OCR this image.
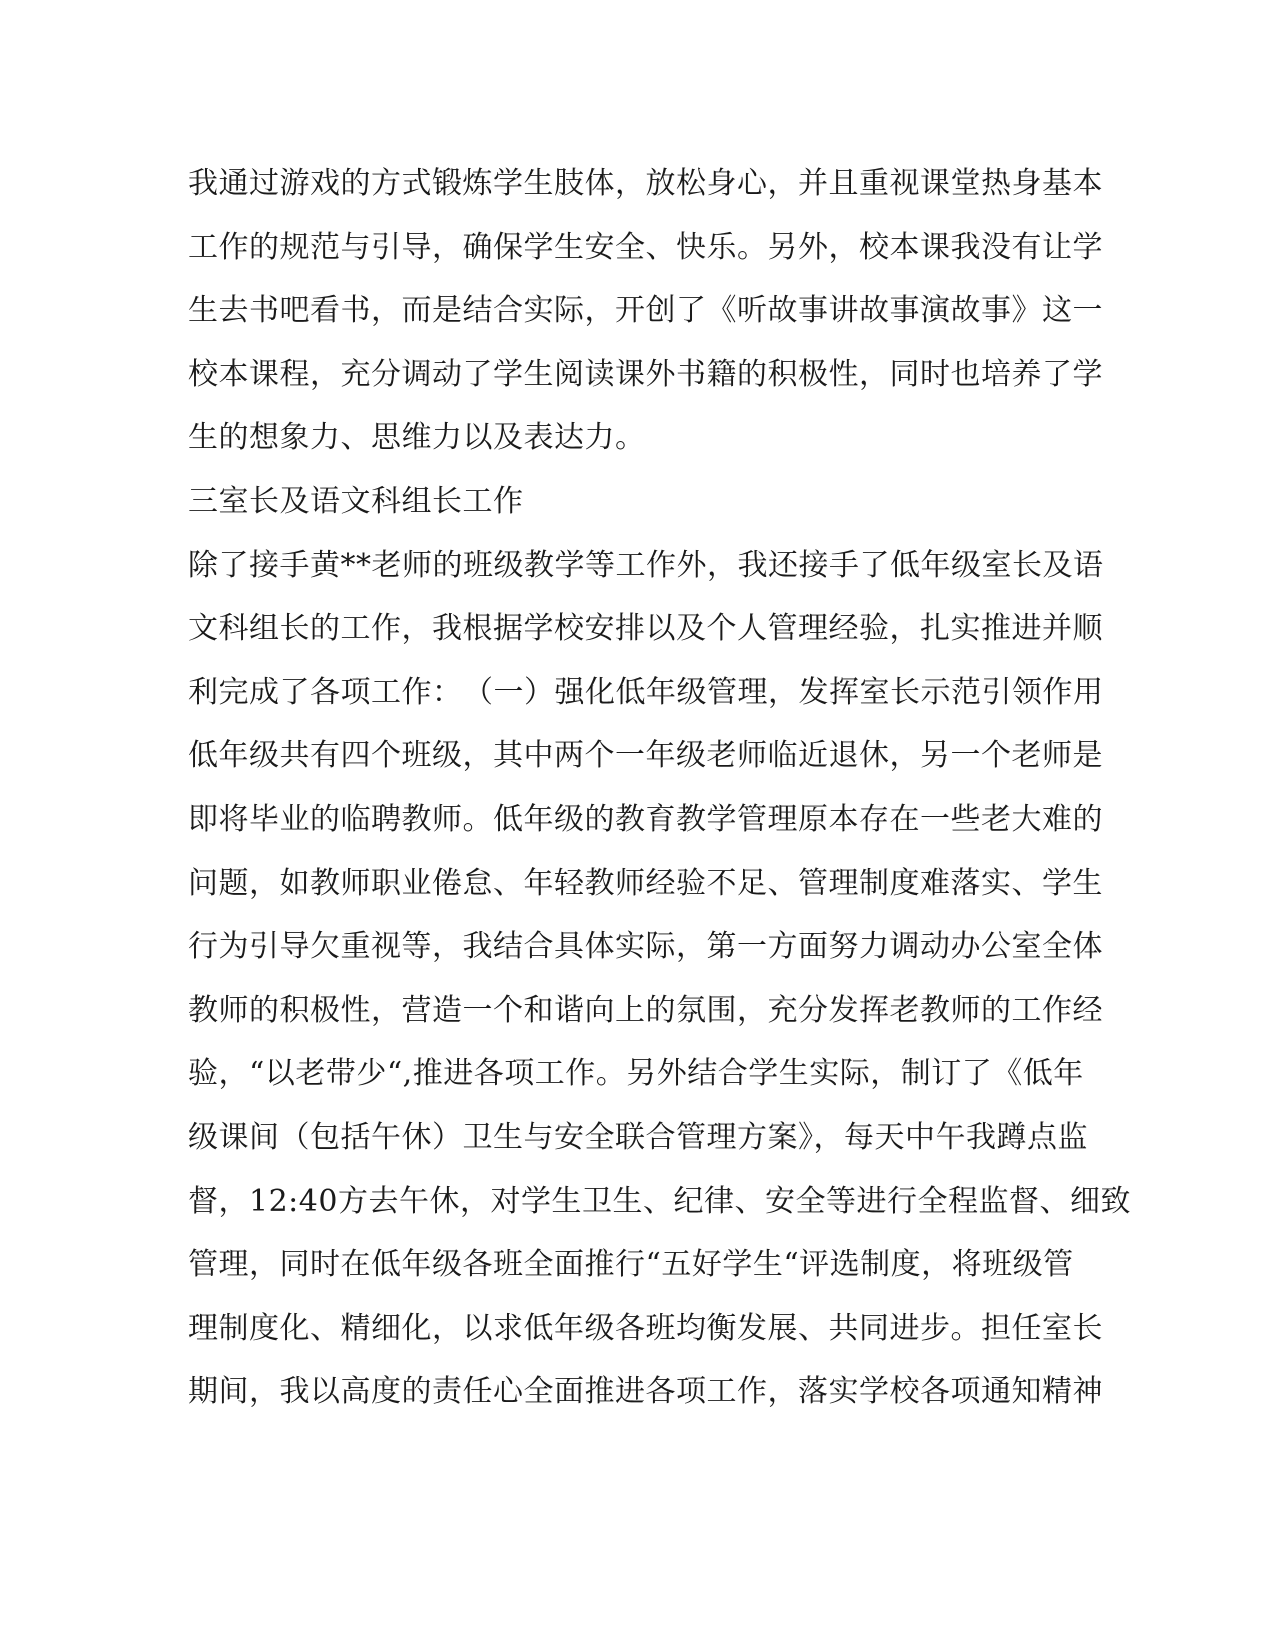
我通过游戏的方式锻炼学生肢体，放松身心，并且重视课堂热身基本
工作的规范与引导，确保学生安全、快乐。另外，校本课我没有让学
生去书吧看书，而是结合实际，开创了《听故事讲故事演故事》这一
校本课程，充分调动了学生阅读课外书籍的积极性，同时也培养了学
生的想象力、思维力以及表达力。
三室长及语文科组长工作
除了接手黄**老师的班级教学等工作外，我还接手了低年级室长及语
文科组长的工作，我根据学校安排以及个人管理经验，扎实推进并顺
利完成了各项工作：　（一）强化低年级管理，发挥室长示范引领作用
低年级共有四个班级，其中两个一年级老师临近退休，另一个老师是
即将毕业的临聘教师。低年级的教育教学管理原本存在一些老大难的
问题，如教师职业倦怠、年轻教师经验不足、管理制度难落实、学生
行为引导欠重视等，我结合具体实际，第一方面努力调动办公室全体
教师的积极性，营造一个和谐向上的氛围，充分发挥老教师的工作经
验，“以老带少“,推进各项工作。另外结合学生实际，制订了《低年
级课间（包括午休）卫生与安全联合管理方案》，每天中午我蹲点监
督，12:40方去午休，对学生卫生、纪律、安全等进行全程监督、细致
管理，同时在低年级各班全面推行“五好学生“评选制度，将班级管
理制度化、精细化，以求低年级各班均衡发展、共同进步。担任室长
期间，我以高度的责任心全面推进各项工作，落实学校各项通知精神
